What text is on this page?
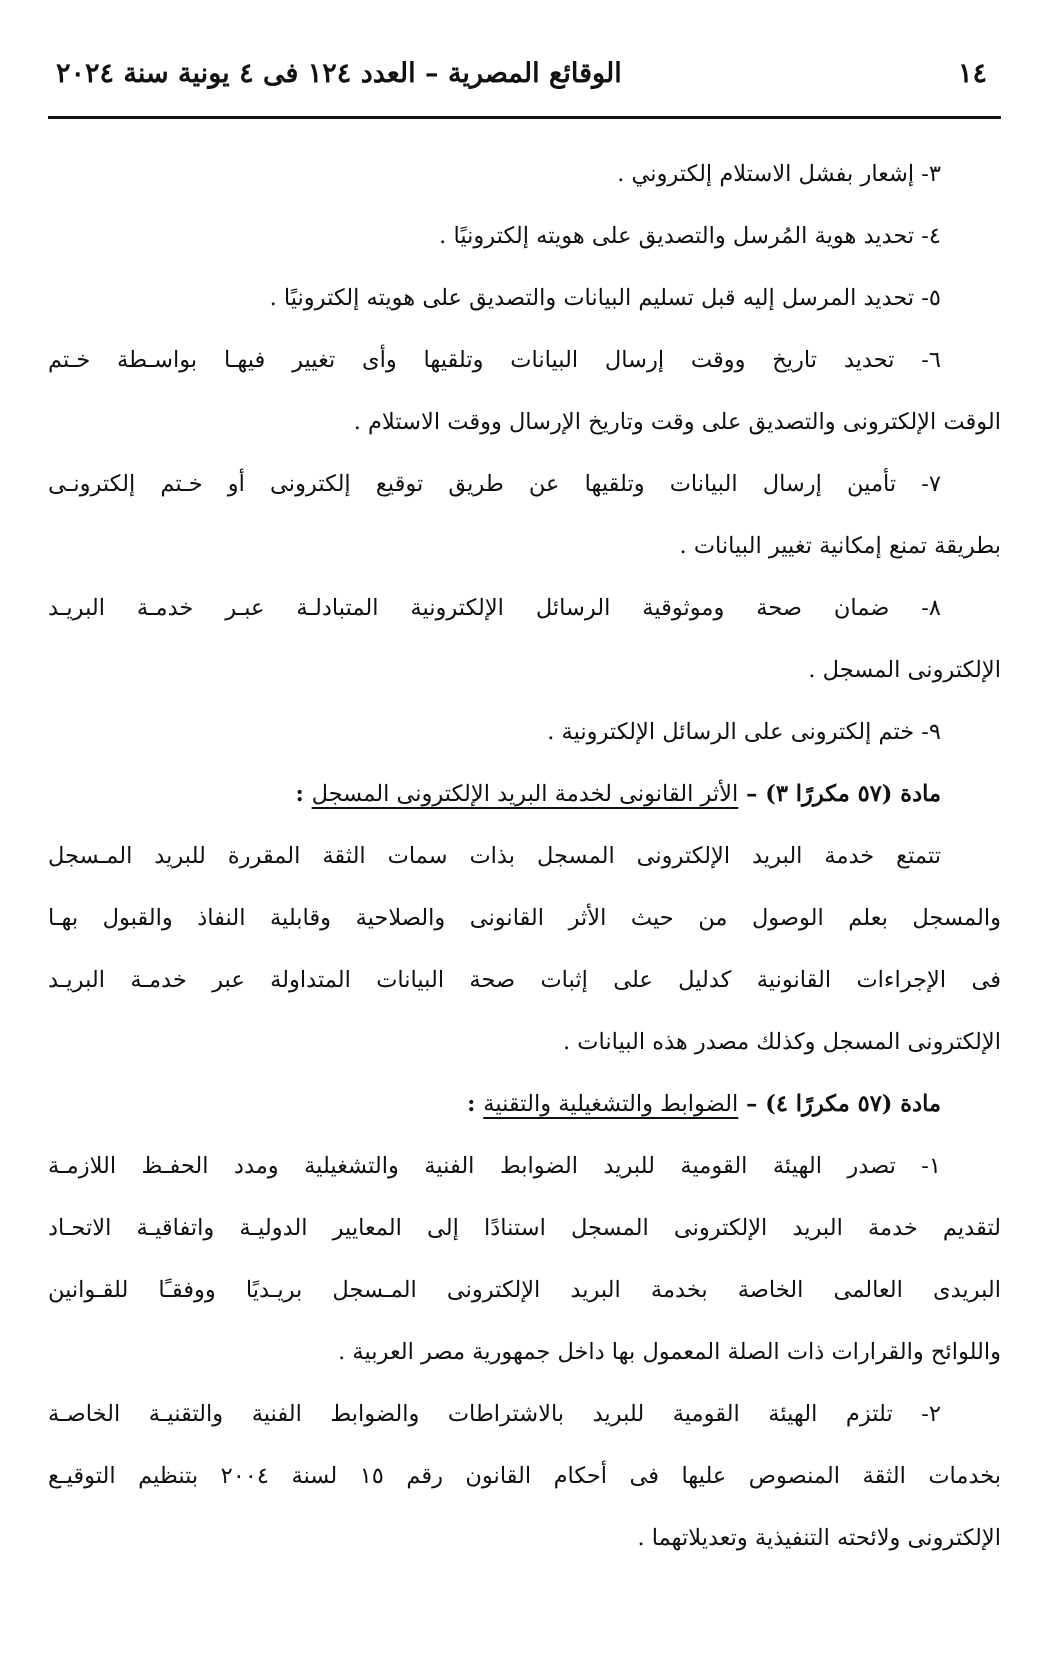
١٤
الوقائع المصرية – العدد ١٢٤ فى ٤ يونية سنة ٢٠٢٤

٣- إشعار بفشل الاستلام إلكتروني .

٤- تحديد هوية المُرسل والتصديق على هويته إلكترونيًا .

٥- تحديد المرسل إليه قبل تسليم البيانات والتصديق على هويته إلكترونيًا .

٦- تحديد تاريخ ووقت إرسال البيانات وتلقيها وأى تغيير فيهـا بواسـطة خـتم

الوقت الإلكترونى والتصديق على وقت وتاريخ الإرسال ووقت الاستلام .

٧- تأمين إرسال البيانات وتلقيها عن طريق توقيع إلكترونى أو خـتم إلكترونـى

بطريقة تمنع إمكانية تغيير البيانات .

٨- ضمان صحة وموثوقية الرسائل الإلكترونية المتبادلـة عبـر خدمـة البريـد

الإلكترونى المسجل .

٩- ختم إلكترونى على الرسائل الإلكترونية .

مادة (٥٧ مكررًا ٣) – الأثر القانونى لخدمة البريد الإلكترونى المسجل :

تتمتع خدمة البريد الإلكترونى المسجل بذات سمات الثقة المقررة للبريد المـسجل

والمسجل بعلم الوصول من حيث الأثر القانونى والصلاحية وقابلية النفاذ والقبول بهـا

فى الإجراءات القانونية كدليل على إثبات صحة البيانات المتداولة عبر خدمـة البريـد

الإلكترونى المسجل وكذلك مصدر هذه البيانات .

مادة (٥٧ مكررًا ٤) – الضوابط والتشغيلية والتقنية :

١- تصدر الهيئة القومية للبريد الضوابط الفنية والتشغيلية ومدد الحفـظ اللازمـة

لتقديم خدمة البريد الإلكترونى المسجل استنادًا إلى المعايير الدوليـة واتفاقيـة الاتحـاد

البريدى العالمى الخاصة بخدمة البريد الإلكترونى المـسجل بريـديًا ووفقـًا للقـوانين

واللوائح والقرارات ذات الصلة المعمول بها داخل جمهورية مصر العربية .

٢- تلتزم الهيئة القومية للبريد بالاشتراطات والضوابط الفنية والتقنيـة الخاصـة

بخدمات الثقة المنصوص عليها فى أحكام القانون رقم ١٥ لسنة ٢٠٠٤ بتنظيم التوقيـع

الإلكترونى ولائحته التنفيذية وتعديلاتهما .
